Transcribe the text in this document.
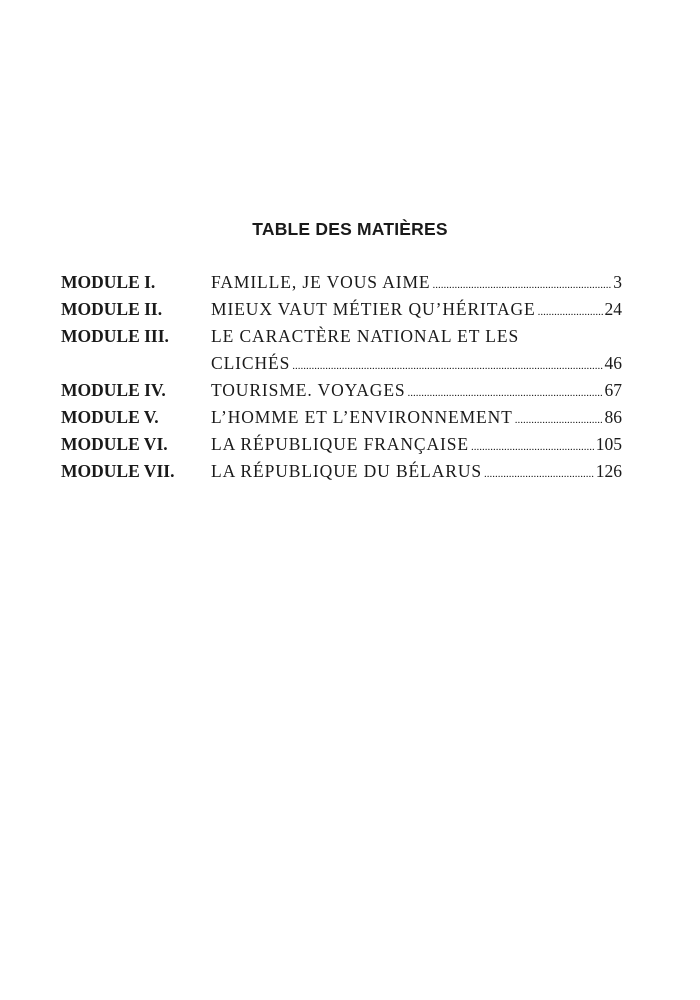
TABLE DES MATIÈRES
MODULE I.	FAMILLE, JE VOUS AIME .....	3
MODULE II.	MIEUX VAUT MÉTIER QU’HÉRITAGE .....	24
MODULE III.	LE CARACTÈRE NATIONAL ET LES
CLICHÉS .....	46
MODULE IV.	TOURISME. VOYAGES .....	67
MODULE V.	L’HOMME ET L’ENVIRONNEMENT .....	86
MODULE VI.	LA RÉPUBLIQUE FRANÇAISE .....	105
MODULE VII.	LA RÉPUBLIQUE DU BÉLARUS .....	126
